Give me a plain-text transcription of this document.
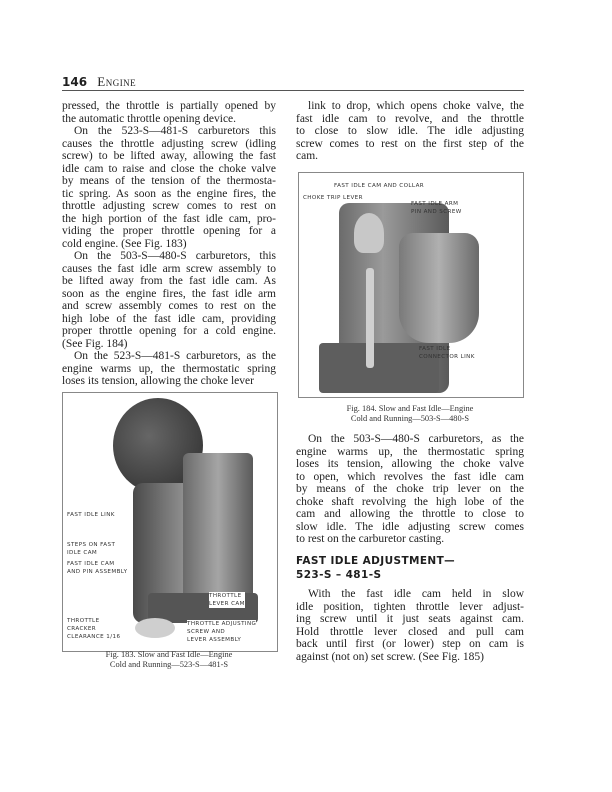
146 Engine
pressed, the throttle is partially opened by
the automatic throttle opening device.
On the 523-S—481-S carburetors this
causes the throttle adjusting screw (idling
screw) to be lifted away, allowing the fast
idle cam to raise and close the choke valve
by means of the tension of the thermosta-
tic spring. As soon as the engine fires, the
throttle adjusting screw comes to rest on
the high portion of the fast idle cam, pro-
viding the proper throttle opening for a
cold engine. (See Fig. 183)
On the 503-S—480-S carburetors, this
causes the fast idle arm screw assembly to
be lifted away from the fast idle cam. As
soon as the engine fires, the fast idle arm
and screw assembly comes to rest on the
high lobe of the fast idle cam, providing
proper throttle opening for a cold engine.
(See Fig. 184)
On the 523-S—481-S carburetors, as the
engine warms up, the thermostatic spring
loses its tension, allowing the choke lever
link to drop, which opens choke valve, the
fast idle cam to revolve, and the throttle
to close to slow idle. The idle adjusting
screw comes to rest on the first step of the
cam.
FAST IDLE CAM AND COLLAR
CHOKE TRIP LEVER
FAST IDLE ARM
PIN AND SCREW
FAST IDLE
CONNECTOR LINK
Fig. 184. Slow and Fast Idle—Engine
Cold and Running—503-S—480-S
On the 503-S—480-S carburetors, as the
engine warms up, the thermostatic spring
loses its tension, allowing the choke valve
to open, which revolves the fast idle cam
by means of the choke trip lever on the
choke shaft revolving the high lobe of the
cam and allowing the throttle to close to
slow idle. The idle adjusting screw comes
to rest on the carburetor casting.
FAST IDLE ADJUSTMENT—
523-S – 481-S
With the fast idle cam held in slow
idle position, tighten throttle lever adjust-
ing screw until it just seats against cam.
Hold throttle lever closed and pull cam
back until first (or lower) step on cam is
against (not on) set screw. (See Fig. 185)
FAST IDLE LINK
STEPS ON FAST
IDLE CAM
FAST IDLE CAM
AND PIN ASSEMBLY
THROTTLE
LEVER CAM
THROTTLE
CRACKER
CLEARANCE 1/16
THROTTLE ADJUSTING
SCREW AND
LEVER ASSEMBLY
Fig. 183. Slow and Fast Idle—Engine
Cold and Running—523-S—481-S
